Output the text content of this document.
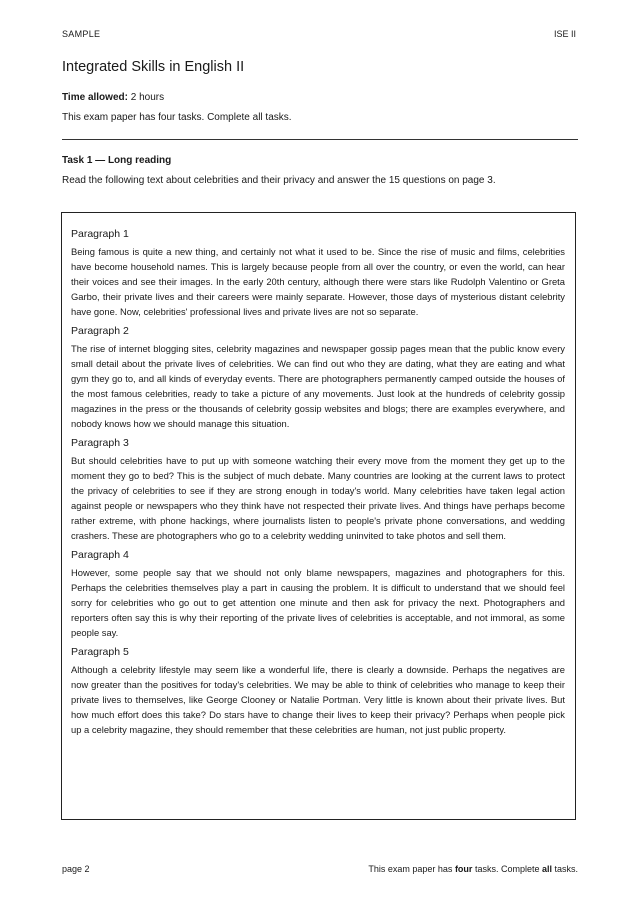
SAMPLE	ISE II
Integrated Skills in English II
Time allowed: 2 hours
This exam paper has four tasks. Complete all tasks.
Task 1 — Long reading
Read the following text about celebrities and their privacy and answer the 15 questions on page 3.
Paragraph 1

Being famous is quite a new thing, and certainly not what it used to be. Since the rise of music and films, celebrities have become household names. This is largely because people from all over the country, or even the world, can hear their voices and see their images. In the early 20th century, although there were stars like Rudolph Valentino or Greta Garbo, their private lives and their careers were mainly separate. However, those days of mysterious distant celebrity have gone. Now, celebrities' professional lives and private lives are not so separate.

Paragraph 2

The rise of internet blogging sites, celebrity magazines and newspaper gossip pages mean that the public know every small detail about the private lives of celebrities. We can find out who they are dating, what they are eating and what gym they go to, and all kinds of everyday events. There are photographers permanently camped outside the houses of the most famous celebrities, ready to take a picture of any movements. Just look at the hundreds of celebrity gossip magazines in the press or the thousands of celebrity gossip websites and blogs; there are examples everywhere, and nobody knows how we should manage this situation.

Paragraph 3

But should celebrities have to put up with someone watching their every move from the moment they get up to the moment they go to bed? This is the subject of much debate. Many countries are looking at the current laws to protect the privacy of celebrities to see if they are strong enough in today's world. Many celebrities have taken legal action against people or newspapers who they think have not respected their private lives. And things have perhaps become rather extreme, with phone hackings, where journalists listen to people's private phone conversations, and wedding crashers. These are photographers who go to a celebrity wedding uninvited to take photos and sell them.

Paragraph 4

However, some people say that we should not only blame newspapers, magazines and photographers for this. Perhaps the celebrities themselves play a part in causing the problem. It is difficult to understand that we should feel sorry for celebrities who go out to get attention one minute and then ask for privacy the next. Photographers and reporters often say this is why their reporting of the private lives of celebrities is acceptable, and not immoral, as some people say.

Paragraph 5

Although a celebrity lifestyle may seem like a wonderful life, there is clearly a downside. Perhaps the negatives are now greater than the positives for today's celebrities. We may be able to think of celebrities who manage to keep their private lives to themselves, like George Clooney or Natalie Portman. Very little is known about their private lives. But how much effort does this take? Do stars have to change their lives to keep their privacy? Perhaps when people pick up a celebrity magazine, they should remember that these celebrities are human, not just public property.

page 2	This exam paper has four tasks. Complete all tasks.
